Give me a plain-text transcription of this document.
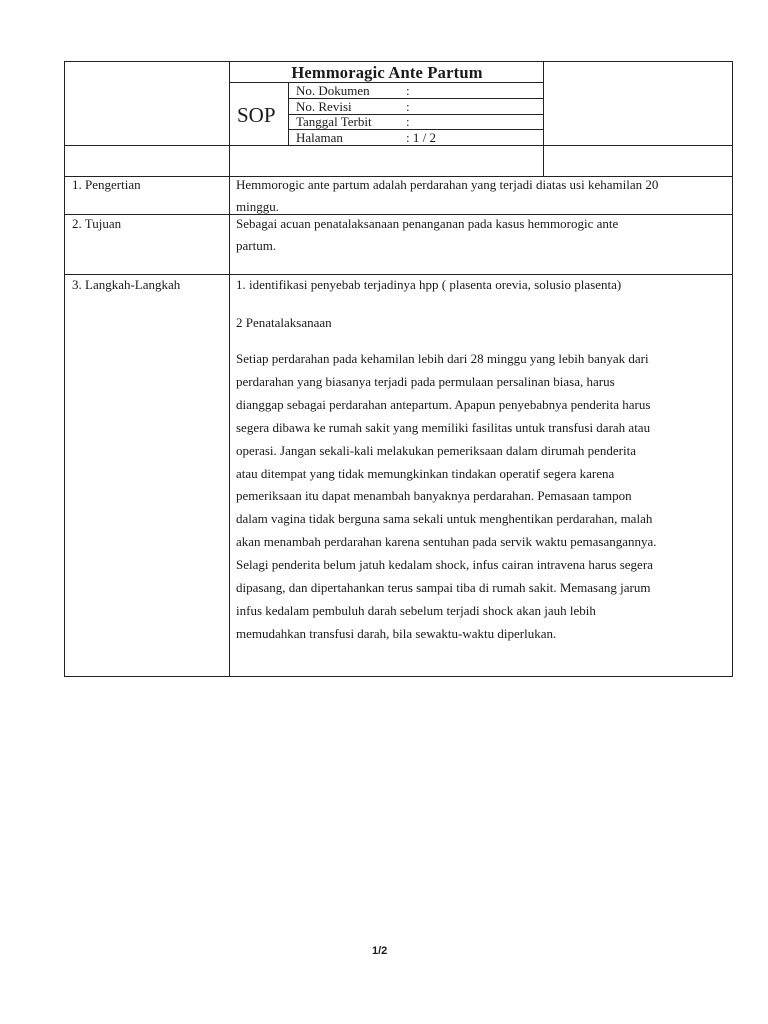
Hemmoragic Ante Partum
SOP
No. Dokumen	:
No. Revisi	:
Tanggal Terbit	:
Halaman	: 1 / 2
1. Pengertian	Hemmorogic ante partum adalah perdarahan yang terjadi diatas usi kehamilan 20
minggu.
2. Tujuan	Sebagai acuan penatalaksanaan penanganan pada kasus hemmorogic ante
partum.
3. Langkah-Langkah	1. identifikasi penyebab terjadinya hpp ( plasenta orevia, solusio plasenta)
2 Penatalaksanaan
Setiap perdarahan pada kehamilan lebih dari 28 minggu yang lebih banyak dari
perdarahan yang biasanya terjadi pada permulaan persalinan biasa, harus
dianggap sebagai perdarahan antepartum. Apapun penyebabnya penderita harus
segera dibawa ke rumah sakit yang memiliki fasilitas untuk transfusi darah atau
operasi. Jangan sekali-kali melakukan pemeriksaan dalam dirumah penderita
atau ditempat yang tidak memungkinkan tindakan operatif segera karena
pemeriksaan itu dapat menambah banyaknya perdarahan. Pemasaan tampon
dalam vagina tidak berguna sama sekali untuk menghentikan perdarahan, malah
akan menambah perdarahan karena sentuhan pada servik waktu pemasangannya.
Selagi penderita belum jatuh kedalam shock, infus cairan intravena harus segera
dipasang, dan dipertahankan terus sampai tiba di rumah sakit. Memasang jarum
infus kedalam pembuluh darah sebelum terjadi shock akan jauh lebih
memudahkan transfusi darah, bila sewaktu-waktu diperlukan.
1/2
